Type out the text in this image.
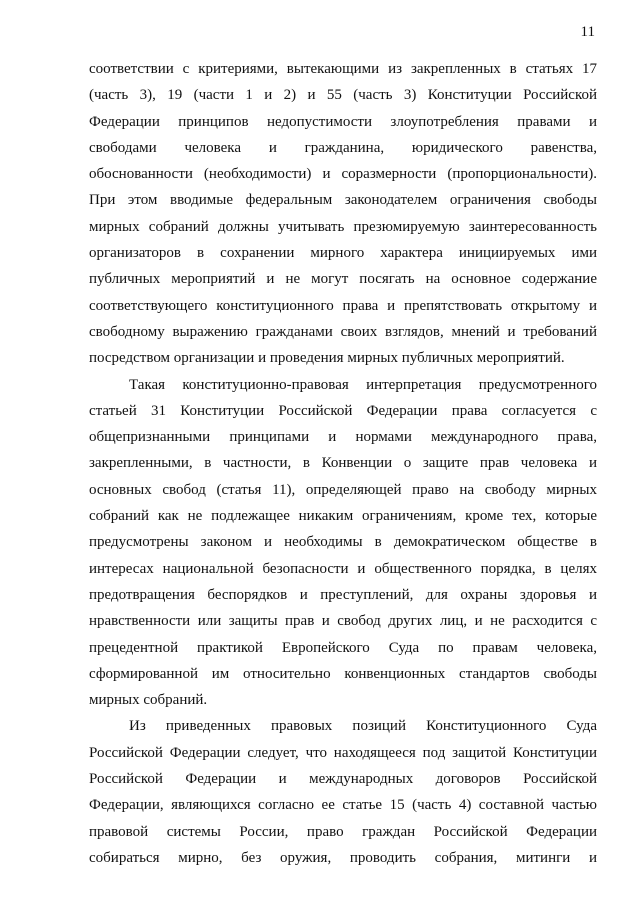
11
соответствии с критериями, вытекающими из закрепленных в статьях 17
(часть 3), 19 (части 1 и 2) и 55 (часть 3) Конституции Российской
Федерации принципов недопустимости злоупотребления правами и
свободами человека и гражданина, юридического равенства,
обоснованности (необходимости) и соразмерности (пропорциональности).
При этом вводимые федеральным законодателем ограничения свободы
мирных собраний должны учитывать презюмируемую заинтересованность
организаторов в сохранении мирного характера инициируемых ими
публичных мероприятий и не могут посягать на основное содержание
соответствующего конституционного права и препятствовать открытому и
свободному выражению гражданами своих взглядов, мнений и требований
посредством организации и проведения мирных публичных мероприятий.
Такая конституционно-правовая интерпретация предусмотренного
статьей 31 Конституции Российской Федерации права согласуется с
общепризнанными принципами и нормами международного права,
закрепленными, в частности, в Конвенции о защите прав человека и
основных свобод (статья 11), определяющей право на свободу мирных
собраний как не подлежащее никаким ограничениям, кроме тех, которые
предусмотрены законом и необходимы в демократическом обществе в
интересах национальной безопасности и общественного порядка, в целях
предотвращения беспорядков и преступлений, для охраны здоровья и
нравственности или защиты прав и свобод других лиц, и не расходится с
прецедентной практикой Европейского Суда по правам человека,
сформированной им относительно конвенционных стандартов свободы
мирных собраний.
Из приведенных правовых позиций Конституционного Суда
Российской Федерации следует, что находящееся под защитой Конституции
Российской Федерации и международных договоров Российской
Федерации, являющихся согласно ее статье 15 (часть 4) составной частью
правовой системы России, право граждан Российской Федерации
собираться мирно, без оружия, проводить собрания, митинги и
